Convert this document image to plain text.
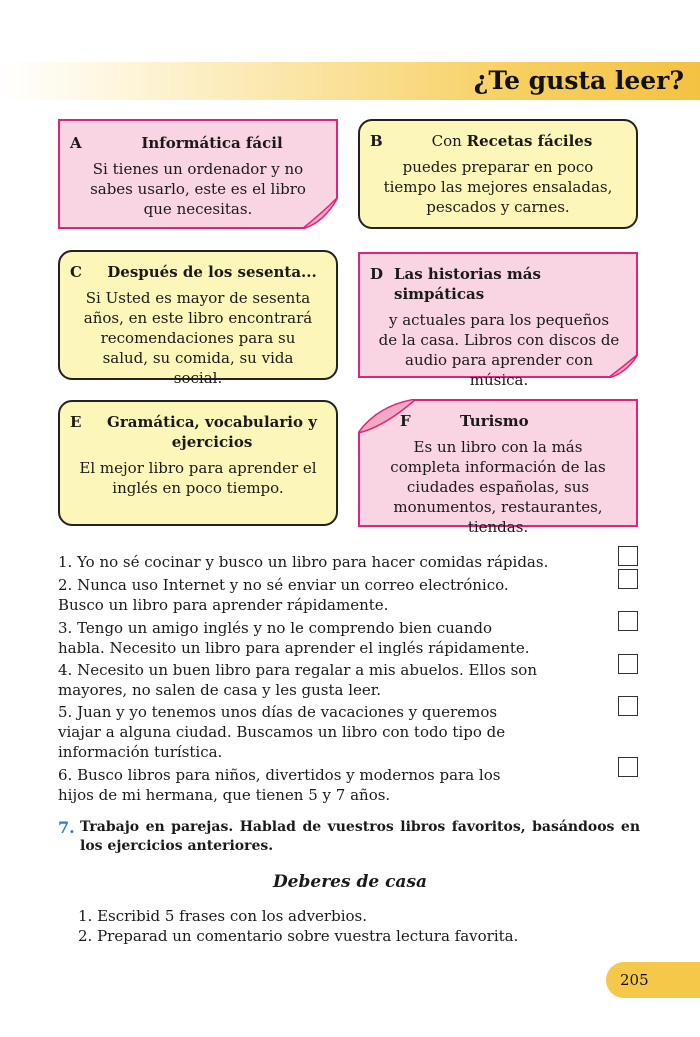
¿Te gusta leer?
A	Informática fácil
Si tienes un ordenador y no sabes usarlo, este es el libro que necesitas.
B	Con Recetas fáciles
puedes preparar en poco tiempo las mejores ensaladas, pescados y carnes.
C	Después de los sesenta...
Si Usted es mayor de sesenta años, en este libro encontrará recomendaciones para su salud, su comida, su vida social.
D Las historias más simpáticas
y actuales para los pequeños de la casa. Libros con discos de audio para aprender con música.
E	Gramática, vocabulario y ejercicios
El mejor libro para aprender el inglés en poco tiempo.
F	Turismo
Es un libro con la más completa información de las ciudades españolas, sus monumentos, restaurantes, tiendas.
1. Yo no sé cocinar y busco un libro para hacer comidas rápidas.
2. Nunca uso Internet y no sé enviar un correo electrónico. Busco un libro para aprender rápidamente.
3. Tengo un amigo inglés y no le comprendo bien cuando habla. Necesito un libro para aprender el inglés rápidamente.
4. Necesito un buen libro para regalar a mis abuelos. Ellos son mayores, no salen de casa y les gusta leer.
5. Juan y yo tenemos unos días de vacaciones y queremos viajar a alguna ciudad. Buscamos un libro con todo tipo de información turística.
6. Busco libros para niños, divertidos y modernos para los hijos de mi hermana, que tienen 5 y 7 años.
7. Trabajo en parejas. Hablad de vuestros libros favoritos, basándoos en los ejercicios anteriores.
Deberes de casa
1. Escribid 5 frases con los adverbios.
2. Preparad un comentario sobre vuestra lectura favorita.
205
